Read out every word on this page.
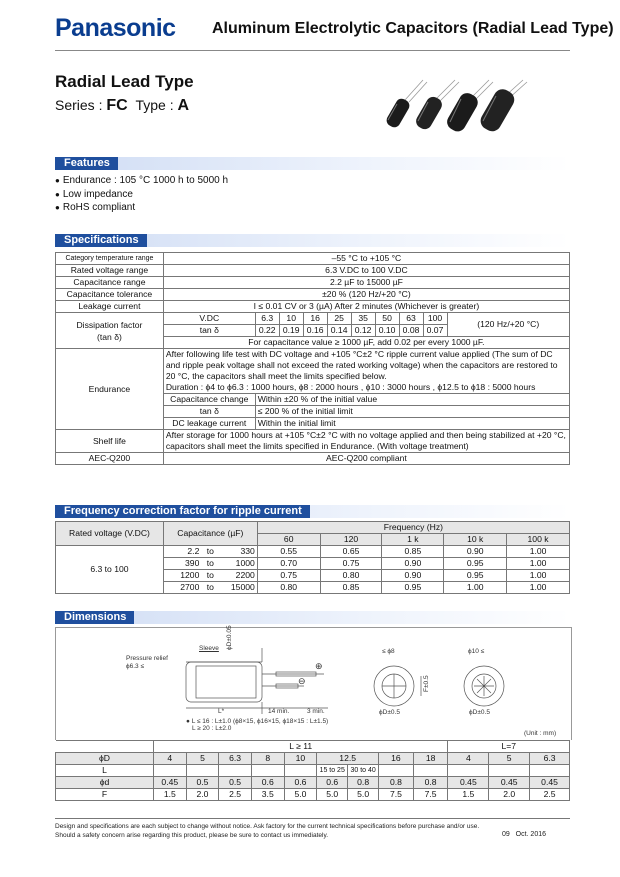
Panasonic Aluminum Electrolytic Capacitors (Radial Lead Type)
Radial Lead Type
Series : FC Type : A
Features
● Endurance : 105 °C 1000 h to 5000 h
● Low impedance
● RoHS compliant
Specifications
Category temperature range	–55 °C to +105 °C									
Rated voltage range	6.3 V.DC to 100 V.DC									
Capacitance range	2.2 µF to 15000 µF									
Capacitance tolerance	±20 % (120 Hz/+20 °C)									
Leakage current	I ≤ 0.01 CV or 3 (µA) After 2 minutes (Whichever is greater)									
Dissipation factor
(tan δ)	V.DC	6.3	10	16	25	35	50	63	100	(120 Hz/+20 °C)
	tan δ	0.22	0.19	0.16	0.14	0.12	0.10	0.08	0.07	
	For capacitance value ≥ 1000 µF, add 0.02 per every 1000 µF.									
Endurance	After following life test with DC voltage and +105 °C±2 °C ripple current value applied (The sum of DC and ripple peak voltage shall not exceed the rated working voltage) when the capacitors are restored to 20 °C, the capacitors shall meet the limits specified below.
Duration : ϕ4 to ϕ6.3 : 1000 hours, ϕ8 : 2000 hours , ϕ10 : 3000 hours , ϕ12.5 to ϕ18 : 5000 hours									
	Capacitance change	Within ±20 % of the initial value								
	tan δ	≤ 200 % of the initial limit								
	DC leakage current	Within the initial limit								
Shelf life	After storage for 1000 hours at +105 °C±2 °C with no voltage applied and then being stabilized at +20 °C, capacitors shall meet the limits specified in Endurance. (With voltage treatment)									
AEC-Q200	AEC-Q200 compliant									
Frequency correction factor for ripple current
Rated voltage (V.DC)	Capacitance (µF)			Frequency (Hz)				
				60	120	1 k	10 k	100 k
6.3 to 100	2.2	to	330	0.55	0.65	0.85	0.90	1.00
	390	to	1000	0.70	0.75	0.90	0.95	1.00
	1200	to	2200	0.75	0.80	0.90	0.95	1.00
	2700	to	15000	0.80	0.85	0.95	1.00	1.00
Dimensions
Sleeve
Pressure relief
ϕ6.3 ≤
ϕD±0.05
L*	14 min.	3 min.
⊕
⊖
≤ ϕ8	ϕ10 ≤
F±0.5
ϕD±0.5	ϕD±0.5
● L ≤ 16 : L±1.0 (ϕ8×15, ϕ16×15, ϕ18×15 : L±1.5)
L ≥ 20 : L±2.0
(Unit : mm)
	L ≥ 11									L=7		
ϕD	4	5	6.3	8	10	12.5		16	18	4	5	6.3
L						15 to 25	30 to 40					
ϕd	0.45	0.5	0.5	0.6	0.6	0.6	0.8	0.8	0.8	0.45	0.45	0.45
F	1.5	2.0	2.5	3.5	5.0	5.0	5.0	7.5	7.5	1.5	2.0	2.5
Design and specifications are each subject to change without notice. Ask factory for the current technical specifications before purchase and/or use.
Should a safety concern arise regarding this product, please be sure to contact us immediately.	09 Oct. 2016
